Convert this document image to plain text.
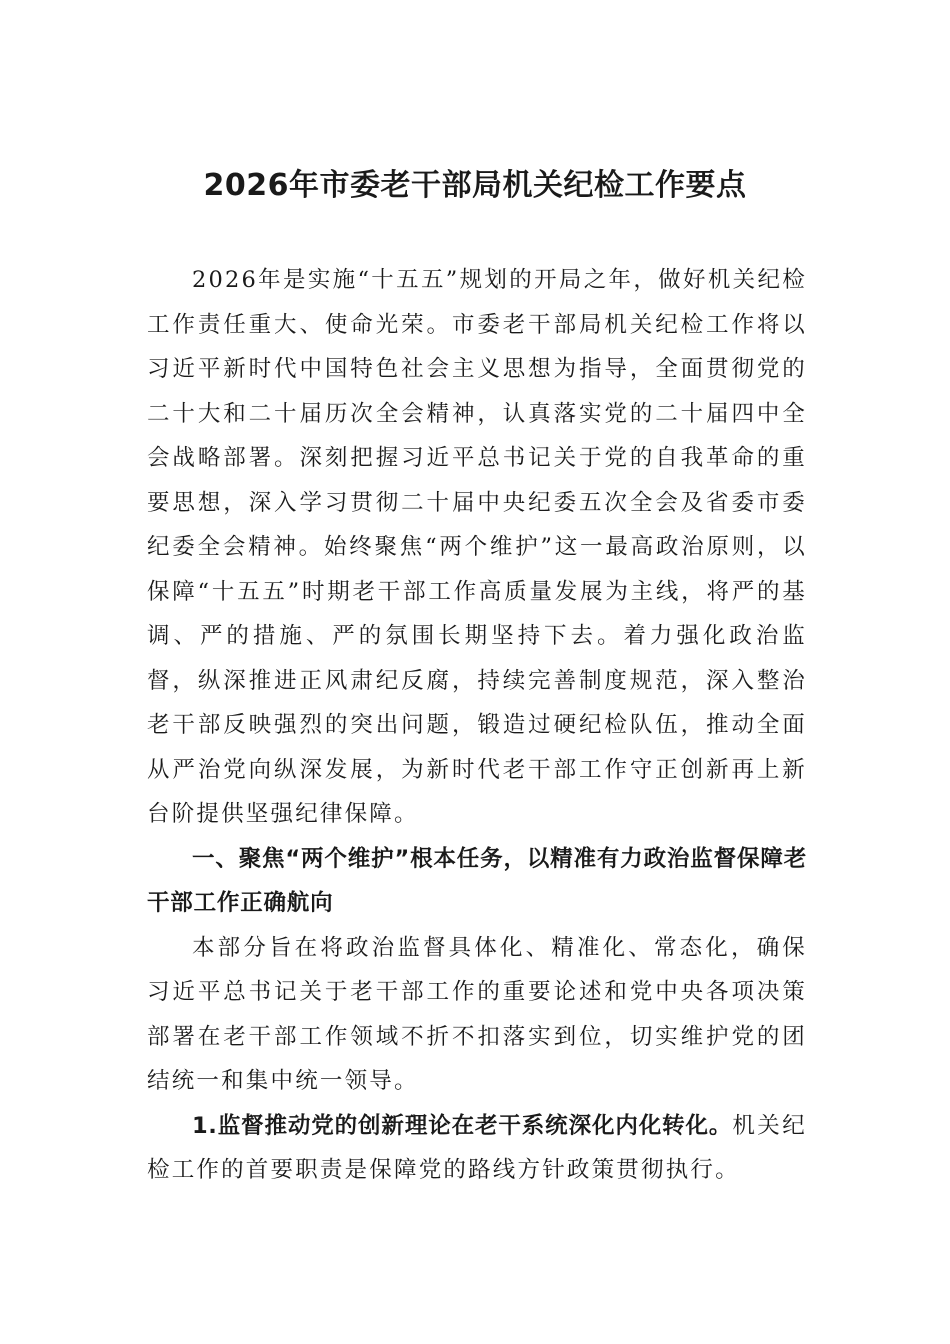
2026年市委老干部局机关纪检工作要点

2026年是实施“十五五”规划的开局之年，做好机关纪检工作责任重大、使命光荣。市委老干部局机关纪检工作将以习近平新时代中国特色社会主义思想为指导，全面贯彻党的二十大和二十届历次全会精神，认真落实党的二十届四中全会战略部署。深刻把握习近平总书记关于党的自我革命的重要思想，深入学习贯彻二十届中央纪委五次全会及省委市委纪委全会精神。始终聚焦“两个维护”这一最高政治原则，以保障“十五五”时期老干部工作高质量发展为主线，将严的基调、严的措施、严的氛围长期坚持下去。着力强化政治监督，纵深推进正风肃纪反腐，持续完善制度规范，深入整治老干部反映强烈的突出问题，锻造过硬纪检队伍，推动全面从严治党向纵深发展，为新时代老干部工作守正创新再上新台阶提供坚强纪律保障。

一、聚焦“两个维护”根本任务，以精准有力政治监督保障老干部工作正确航向

本部分旨在将政治监督具体化、精准化、常态化，确保习近平总书记关于老干部工作的重要论述和党中央各项决策部署在老干部工作领域不折不扣落实到位，切实维护党的团结统一和集中统一领导。

1.监督推动党的创新理论在老干系统深化内化转化。机关纪检工作的首要职责是保障党的路线方针政策贯彻执行。
